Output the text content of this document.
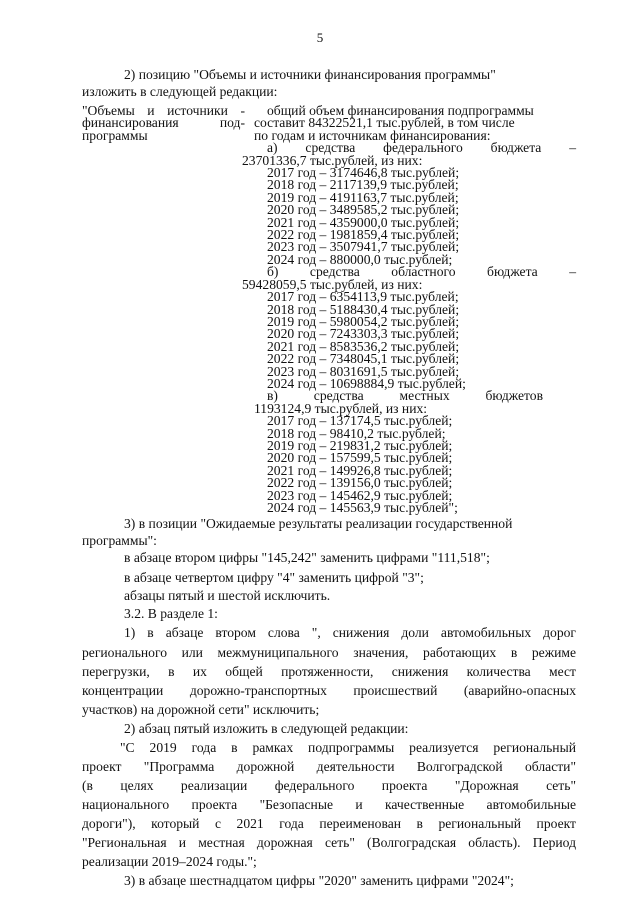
5
2) позицию "Объемы и источники финансирования программы"
изложить в следующей редакции:
"Объемы и источники -
финансирования под-
программы
общий объем финансирования подпрограммы
составит 84322521,1 тыс.рублей, в том числе
по годам и источникам финансирования:
а) средства федерального бюджета –
23701336,7 тыс.рублей, из них:
2017 год – 3174646,8 тыс.рублей;
2018 год – 2117139,9 тыс.рублей;
2019 год – 4191163,7 тыс.рублей;
2020 год – 3489585,2 тыс.рублей;
2021 год – 4359000,0 тыс.рублей;
2022 год – 1981859,4 тыс.рублей;
2023 год – 3507941,7 тыс.рублей;
2024 год – 880000,0 тыс.рублей;
б) средства областного бюджета –
59428059,5 тыс.рублей, из них:
2017 год – 6354113,9 тыс.рублей;
2018 год – 5188430,4 тыс.рублей;
2019 год – 5980054,2 тыс.рублей;
2020 год – 7243303,3 тыс.рублей;
2021 год – 8583536,2 тыс.рублей;
2022 год – 7348045,1 тыс.рублей;
2023 год – 8031691,5 тыс.рублей;
2024 год – 10698884,9 тыс.рублей;
в) средства местных бюджетов
1193124,9 тыс.рублей, из них:
2017 год – 137174,5 тыс.рублей;
2018 год – 98410,2 тыс.рублей;
2019 год – 219831,2 тыс.рублей;
2020 год – 157599,5 тыс.рублей;
2021 год – 149926,8 тыс.рублей;
2022 год – 139156,0 тыс.рублей;
2023 год – 145462,9 тыс.рублей;
2024 год – 145563,9 тыс.рублей";
3) в позиции "Ожидаемые результаты реализации государственной
программы":
в абзаце втором цифры "145,242" заменить цифрами "111,518";
в абзаце четвертом цифру "4" заменить цифрой "3";
абзацы пятый и шестой исключить.
3.2. В разделе 1:
1) в абзаце втором слова ", снижения доли автомобильных дорог
регионального или межмуниципального значения, работающих в режиме
перегрузки, в их общей протяженности, снижения количества мест
концентрации дорожно-транспортных происшествий (аварийно-опасных
участков) на дорожной сети" исключить;
2) абзац пятый изложить в следующей редакции:
"С 2019 года в рамках подпрограммы реализуется региональный
проект "Программа дорожной деятельности Волгоградской области"
(в целях реализации федерального проекта "Дорожная сеть"
национального проекта "Безопасные и качественные автомобильные
дороги"), который с 2021 года переименован в региональный проект
"Региональная и местная дорожная сеть" (Волгоградская область). Период
реализации 2019–2024 годы.";
3) в абзаце шестнадцатом цифры "2020" заменить цифрами "2024";
